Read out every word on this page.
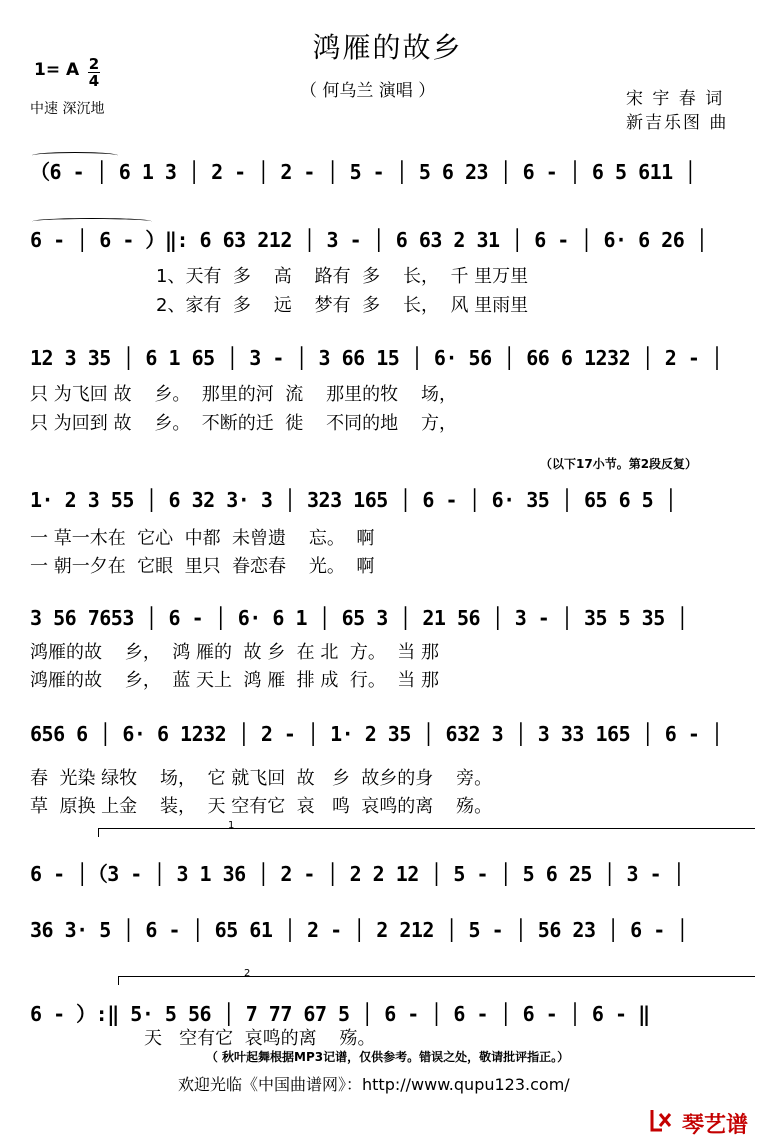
鸿雁的故乡
（ 何乌兰 演唱 ）
1= A 2
4
中速 深沉地	宋 宇 春 词
新吉乐图 曲
（6 - │ 6 1 3 │ 2 - │ 2 - │ 5 - │ 5 6 23 │ 6 - │ 6 5 611 │
6 - │ 6 - ）‖: 6 63 212 │ 3 - │ 6 63 2 31 │ 6 - │ 6· 6 26 │
1、天有  多    高    路有  多    长，  千 里万里
2、家有  多    远    梦有  多    长，  风 里雨里
12 3 35 │ 6 1 65 │ 3 - │ 3 66 15 │ 6· 56 │ 66 6 1232 │ 2 - │
只 为飞回 故    乡。  那里的河  流    那里的牧    场，
只 为回到 故    乡。  不断的迁  徙    不同的地    方，
（以下17小节。第2段反复）
1· 2 3 55 │ 6 32 3· 3 │ 323 165 │ 6 - │ 6· 35 │ 65 6 5 │
一 草一木在  它心  中都  未曾遗    忘。  啊
一 朝一夕在  它眼  里只  眷恋春    光。  啊
3 56 7653 │ 6 - │ 6· 6 1 │ 65 3 │ 21 56 │ 3 - │ 35 5 35 │
鸿雁的故    乡，  鸿 雁的  故 乡  在 北  方。  当 那
鸿雁的故    乡，  蓝 天上  鸿 雁  排 成  行。  当 那
656 6 │ 6· 6 1232 │ 2 - │ 1· 2 35 │ 632 3 │ 3 33 165 │ 6 - │
春  光染 绿牧    场，  它 就飞回  故   乡  故乡的身    旁。
草  原换 上金    装，  天 空有它  哀   鸣  哀鸣的离    殇。
1
6 - │（3 - │ 3 1 36 │ 2 - │ 2 2 12 │ 5 - │ 5 6 25 │ 3 - │
36 3· 5 │ 6 - │ 65 61 │ 2 - │ 2 212 │ 5 - │ 56 23 │ 6 - │
2
6 - ）:‖ 5· 5 56 │ 7 77 67 5 │ 6 - │ 6 - │ 6 - │ 6 - ‖
天   空有它  哀鸣的离    殇。
（ 秋叶起舞根据MP3记谱，仅供参考。错误之处，敬请批评指正。）
欢迎光临《中国曲谱网》：http://www.qupu123.com/
琴艺谱
